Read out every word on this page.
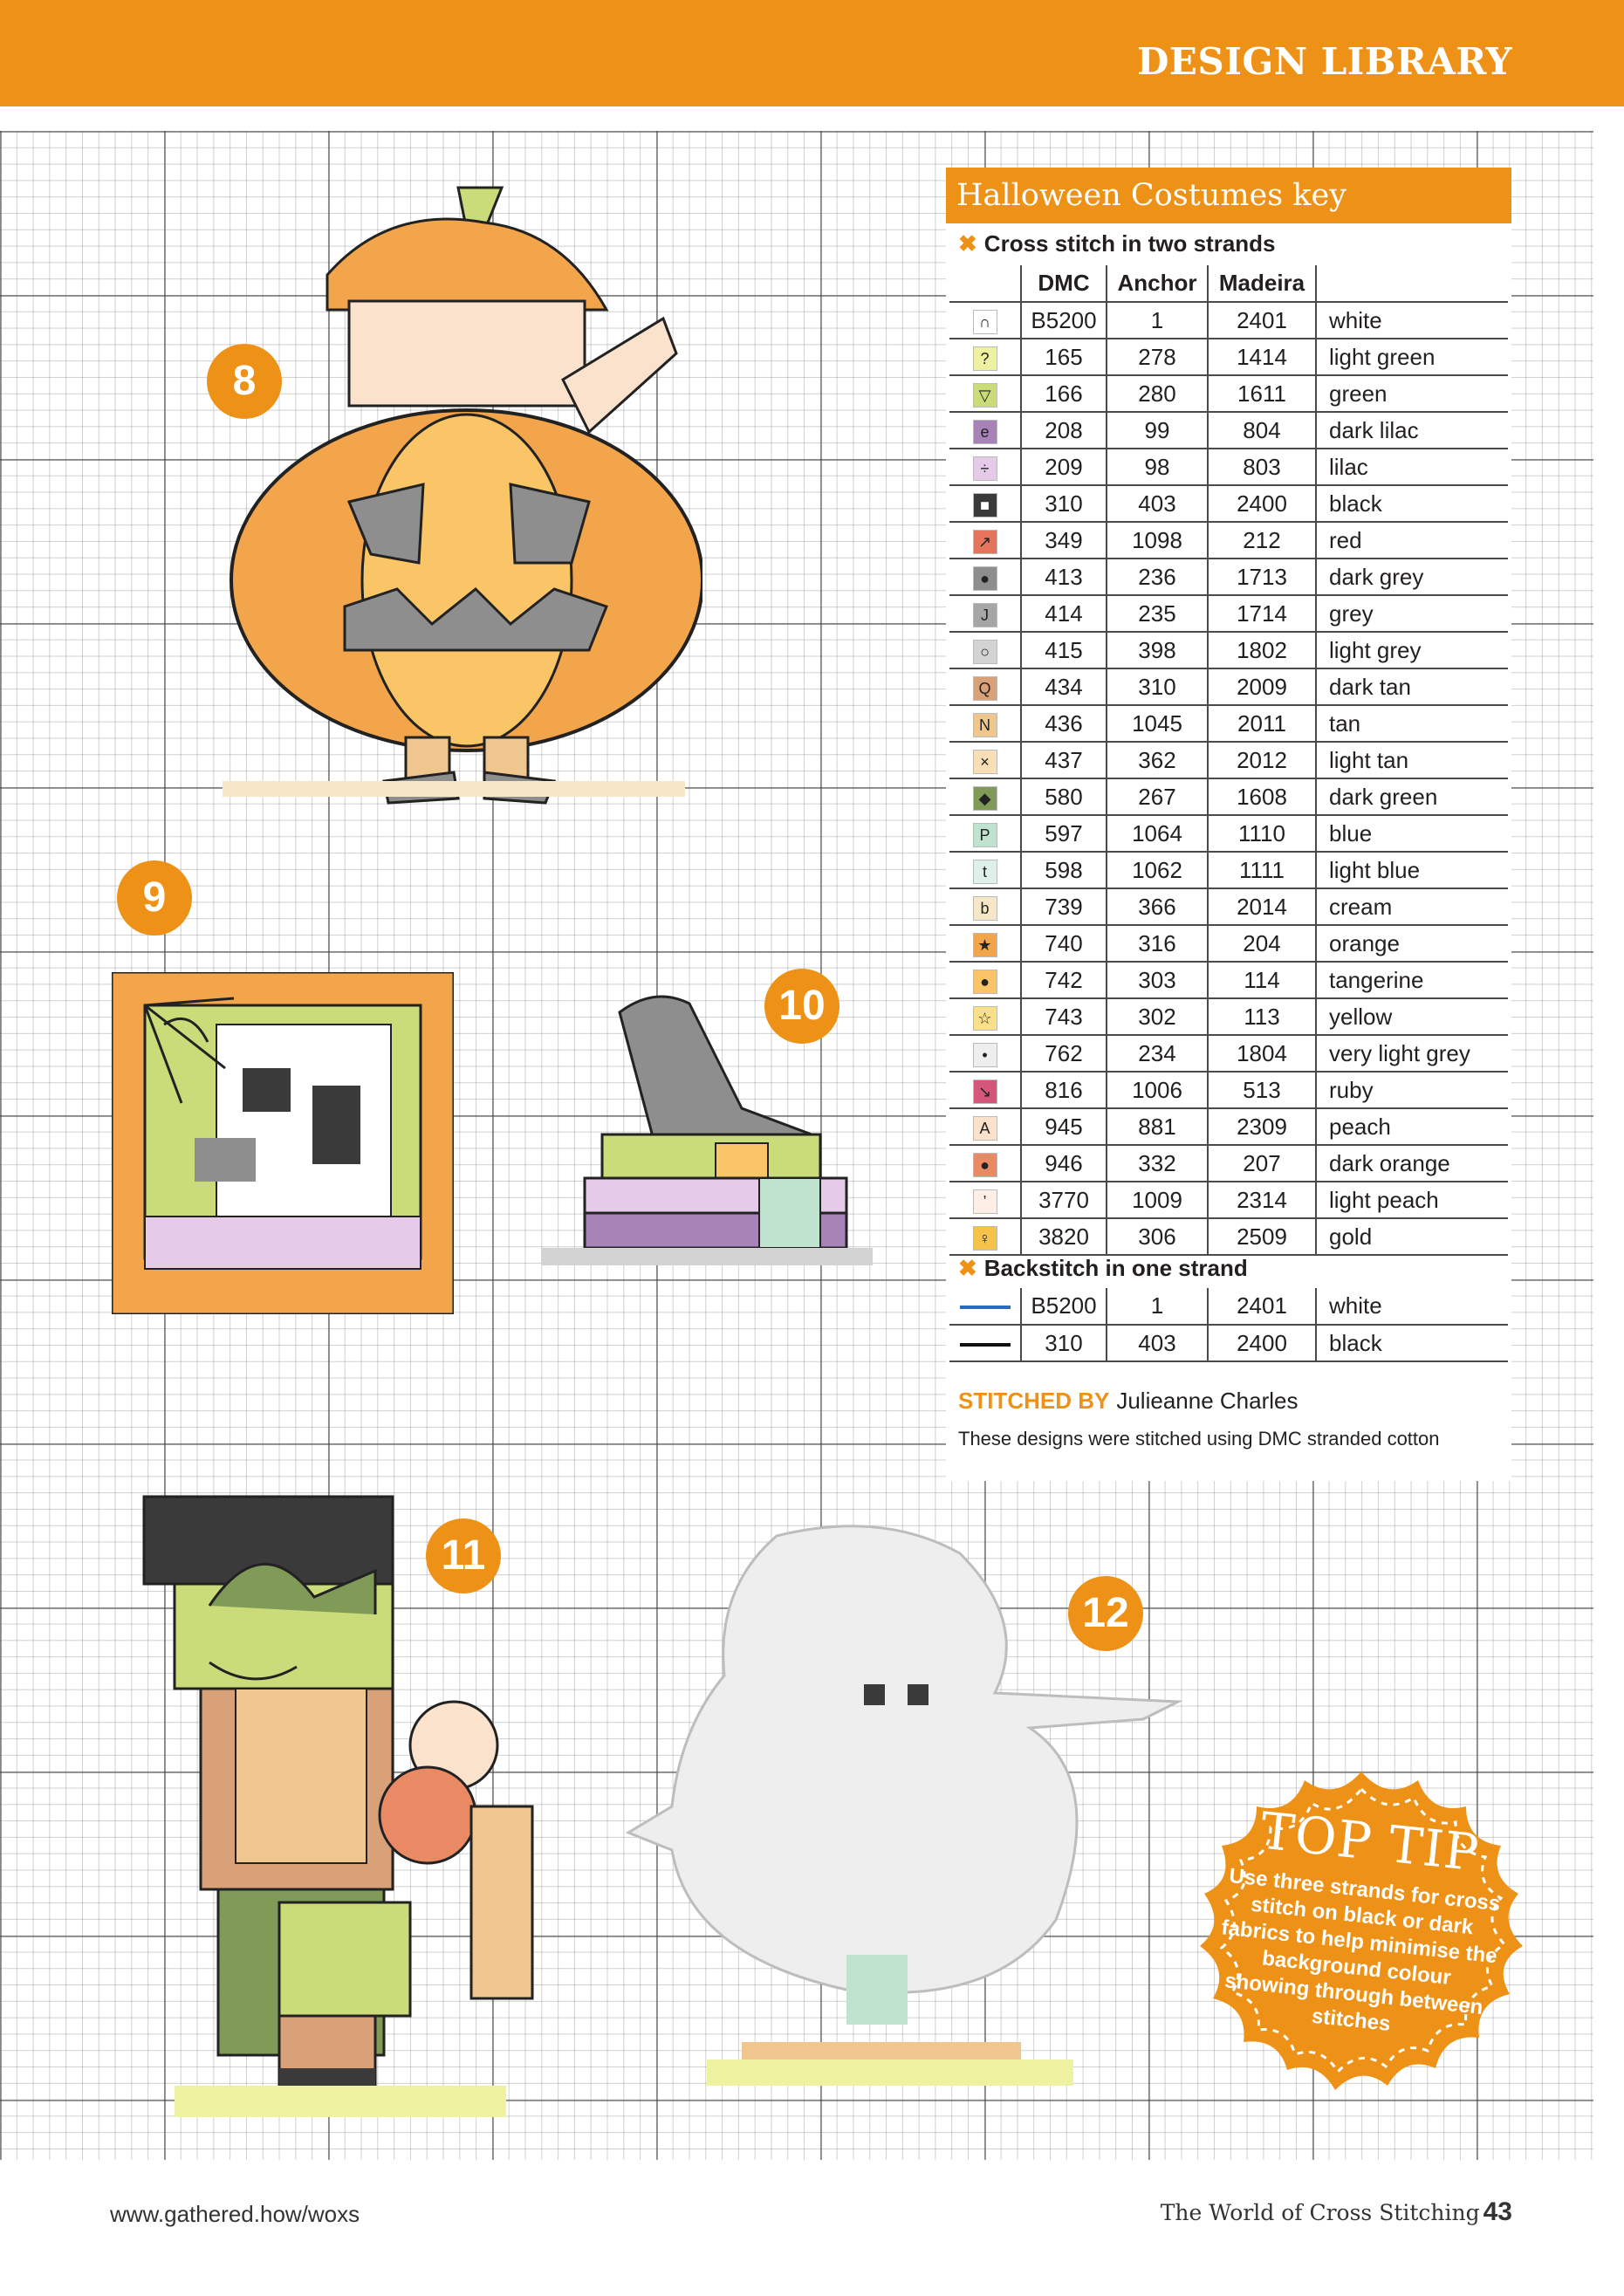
DESIGN LIBRARY
8
9
10
11
12
Halloween Costumes key
✖ Cross stitch in two strands
	DMC	Anchor	Madeira	
∩	B5200	1	2401	white
?	165	278	1414	light green
▽	166	280	1611	green
e	208	99	804	dark lilac
÷	209	98	803	lilac
■	310	403	2400	black
↗	349	1098	212	red
●	413	236	1713	dark grey
J	414	235	1714	grey
○	415	398	1802	light grey
Q	434	310	2009	dark tan
N	436	1045	2011	tan
×	437	362	2012	light tan
◆	580	267	1608	dark green
P	597	1064	1110	blue
t	598	1062	1111	light blue
b	739	366	2014	cream
★	740	316	204	orange
●	742	303	114	tangerine
☆	743	302	113	yellow
•	762	234	1804	very light grey
↘	816	1006	513	ruby
A	945	881	2309	peach
●	946	332	207	dark orange
’	3770	1009	2314	light peach
♀	3820	306	2509	gold
✖ Backstitch in one strand
	B5200	1	2401	white
	310	403	2400	black
STITCHED BY Julieanne Charles
These designs were stitched using DMC stranded cotton
TOP TIP
Use three strands for cross stitch on black or dark fabrics to help minimise the background colour showing through between stitches
www.gathered.how/woxs	The World of Cross Stitching 43
